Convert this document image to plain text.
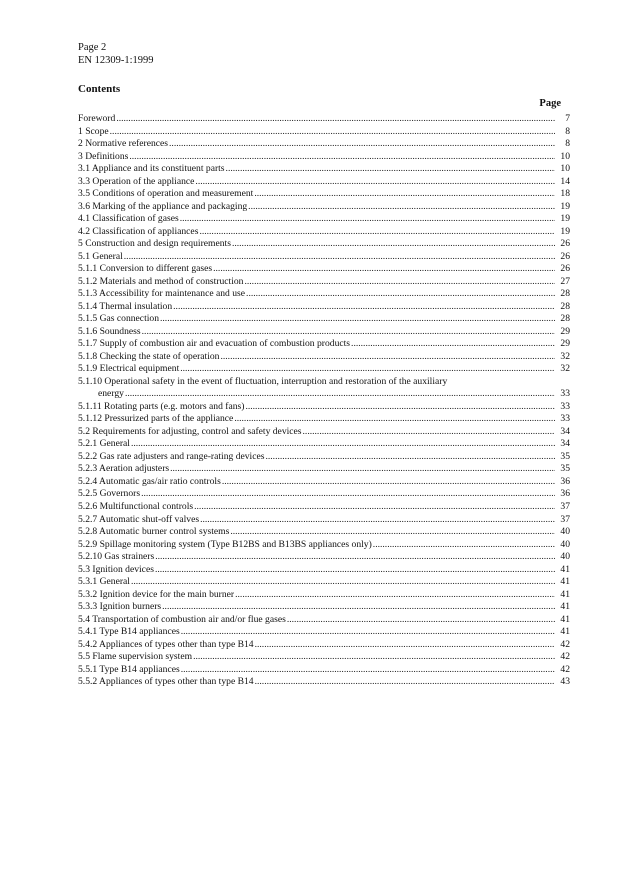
Page 2
EN 12309-1:1999
Contents
Page
Foreword .....	7
1 Scope .....	8
2 Normative references .....	8
3 Definitions .....	10
3.1 Appliance and its constituent parts .....	10
3.3 Operation of the appliance .....	14
3.5 Conditions of operation and measurement .....	18
3.6 Marking of the appliance and packaging .....	19
4.1 Classification of gases .....	19
4.2 Classification of appliances .....	19
5 Construction and design requirements .....	26
5.1 General .....	26
5.1.1 Conversion to different gases .....	26
5.1.2 Materials and method of construction .....	27
5.1.3 Accessibility for maintenance and use .....	28
5.1.4 Thermal insulation .....	28
5.1.5 Gas connection .....	28
5.1.6 Soundness .....	29
5.1.7 Supply of combustion air and evacuation of combustion products .....	29
5.1.8 Checking the state of operation .....	32
5.1.9 Electrical equipment .....	32
5.1.10 Operational safety in the event of fluctuation, interruption and restoration of the auxiliary
energy .....	33
5.1.11 Rotating parts (e.g. motors and fans) .....	33
5.1.12 Pressurized parts of the appliance .....	33
5.2 Requirements for adjusting, control and safety devices .....	34
5.2.1 General .....	34
5.2.2 Gas rate adjusters and range-rating devices .....	35
5.2.3 Aeration adjusters .....	35
5.2.4 Automatic gas/air ratio controls .....	36
5.2.5 Governors .....	36
5.2.6 Multifunctional controls .....	37
5.2.7 Automatic shut-off valves .....	37
5.2.8 Automatic burner control systems .....	40
5.2.9 Spillage monitoring system (Type B12BS and B13BS appliances only) .....	40
5.2.10 Gas strainers .....	40
5.3 Ignition devices .....	41
5.3.1 General .....	41
5.3.2 Ignition device for the main burner .....	41
5.3.3 Ignition burners .....	41
5.4 Transportation of combustion air and/or flue gases .....	41
5.4.1 Type B14 appliances .....	41
5.4.2 Appliances of types other than type B14 .....	42
5.5 Flame supervision system .....	42
5.5.1 Type B14 appliances .....	42
5.5.2 Appliances of types other than type B14 .....	43
